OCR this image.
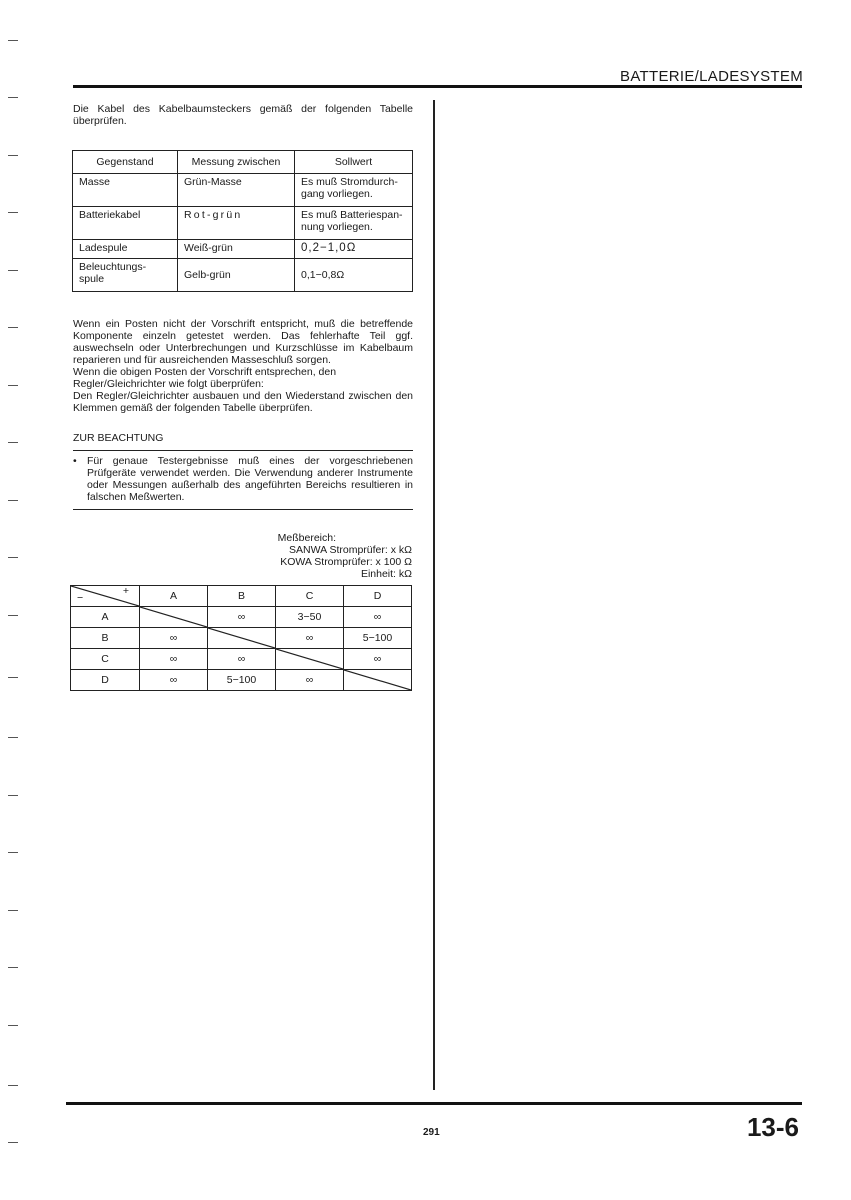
BATTERIE/LADESYSTEM
Die Kabel des Kabelbaumsteckers gemäß der folgenden Tabelle überprüfen.
Gegenstand	Messung zwischen	Sollwert
Masse	Grün-Masse	Es muß Stromdurch-gang vorliegen.
Batteriekabel	Rot-grün	Es muß Batteriespan-nung vorliegen.
Ladespule	Weiß-grün	0,2−1,0Ω
Beleuchtungs-spule	Gelb-grün	0,1−0,8Ω
Wenn ein Posten nicht der Vorschrift entspricht, muß die betreffende Komponente einzeln getestet werden. Das fehlerhafte Teil ggf. auswechseln oder Unterbrechungen und Kurzschlüsse im Kabelbaum reparieren und für ausreichenden Masseschluß sorgen.
Wenn die obigen Posten der Vorschrift entsprechen, den Regler/Gleichrichter wie folgt überprüfen:
Den Regler/Gleichrichter ausbauen und den Wiederstand zwischen den Klemmen gemäß der folgenden Tabelle überprüfen.
ZUR BEACHTUNG
• Für genaue Testergebnisse muß eines der vorgeschriebenen Prüfgeräte verwendet werden. Die Verwendung anderer Instrumente oder Messungen außerhalb des angeführten Bereichs resultieren in falschen Meßwerten.
Meßbereich:
SANWA Stromprüfer: x kΩ
KOWA Stromprüfer: x 100 Ω
Einheit: kΩ
−
+	A	B	C	D
A		∞	3−50	∞
B	∞		∞	5−100
C	∞	∞		∞
D	∞	5−100	∞	
291	13-6
